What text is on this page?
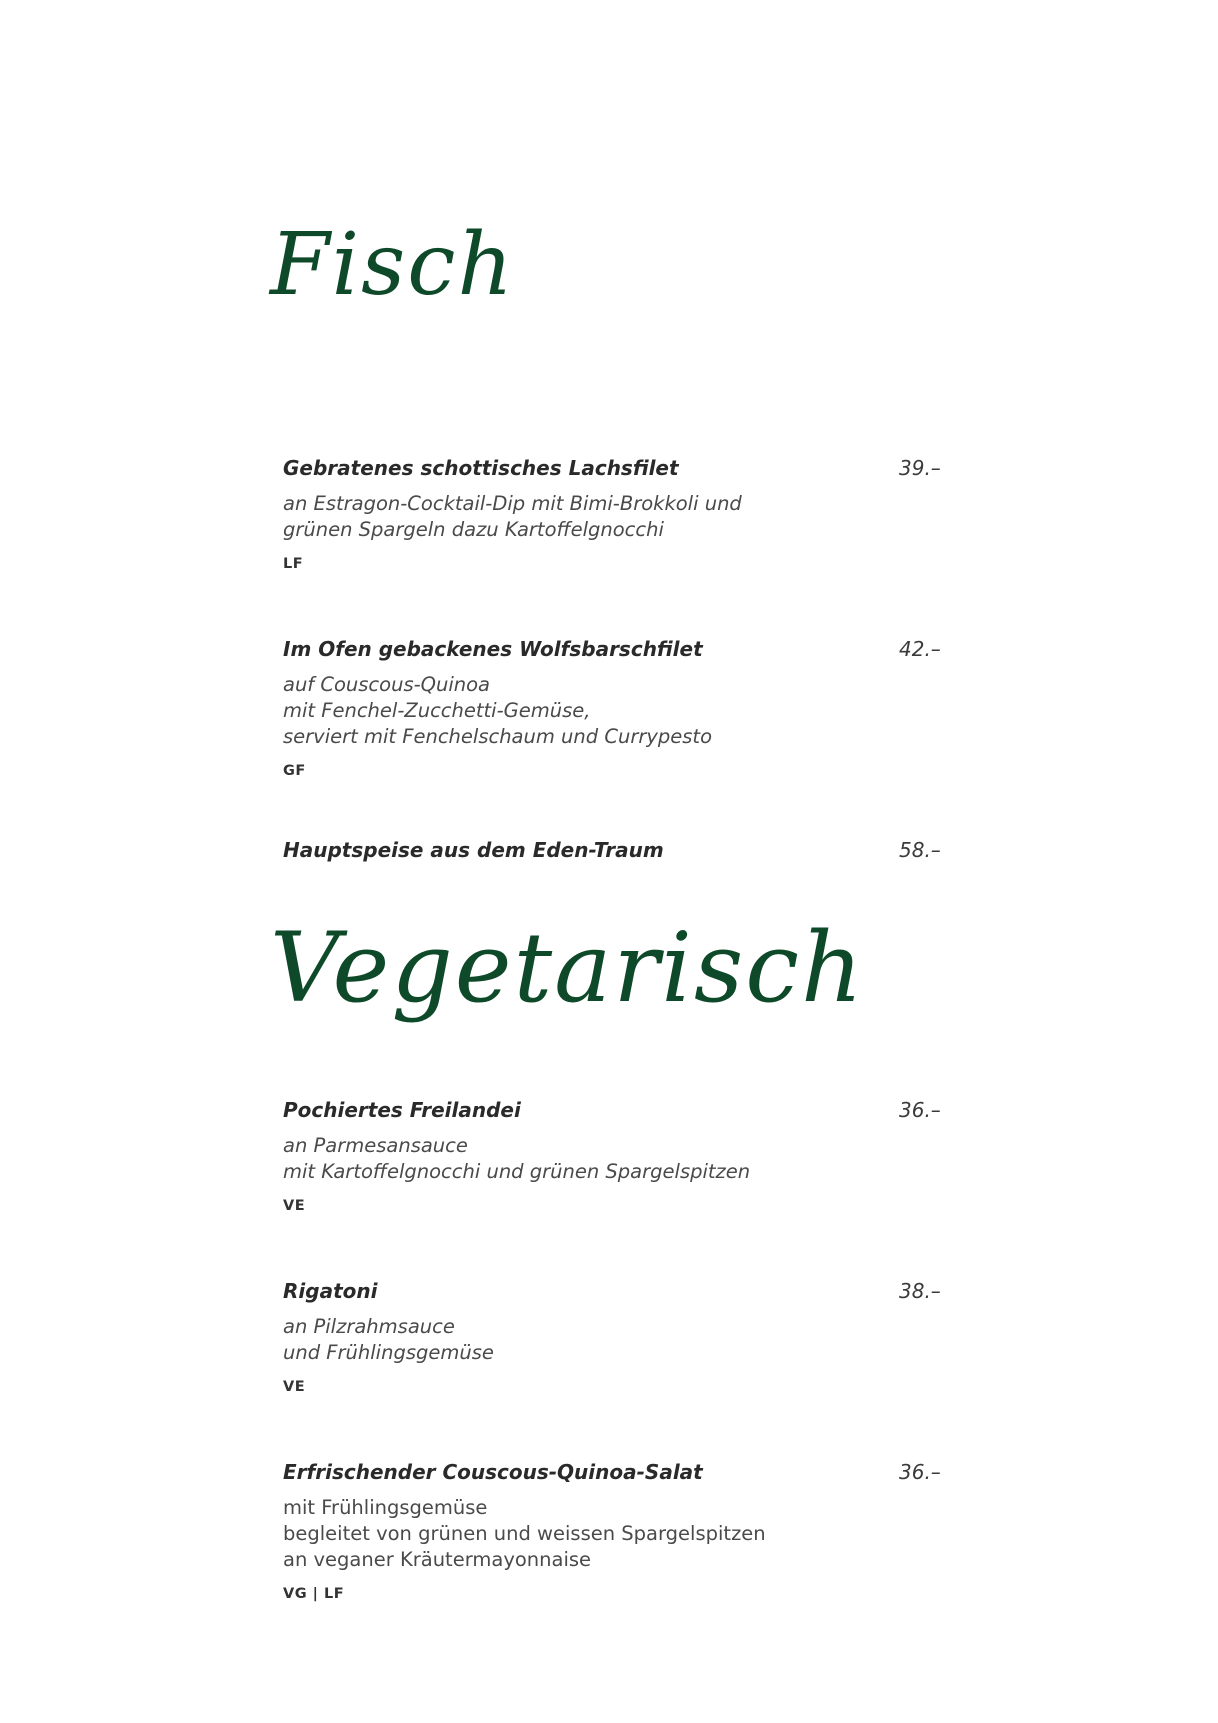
Fisch
Gebratenes schottisches Lachsfilet	39.–
an Estragon-Cocktail-Dip mit Bimi-Brokkoli und
grünen Spargeln dazu Kartoffelgnocchi
LF
Im Ofen gebackenes Wolfsbarschfilet	42.–
auf Couscous-Quinoa
mit Fenchel-Zucchetti-Gemüse,
serviert mit Fenchelschaum und Currypesto
GF
Hauptspeise aus dem Eden-Traum	58.–
Vegetarisch
Pochiertes Freilandei	36.–
an Parmesansauce
mit Kartoffelgnocchi und grünen Spargelspitzen
VE
Rigatoni	38.–
an Pilzrahmsauce
und Frühlingsgemüse
VE
Erfrischender Couscous-Quinoa-Salat	36.–
mit Frühlingsgemüse
begleitet von grünen und weissen Spargelspitzen
an veganer Kräutermayonnaise
VG | LF
